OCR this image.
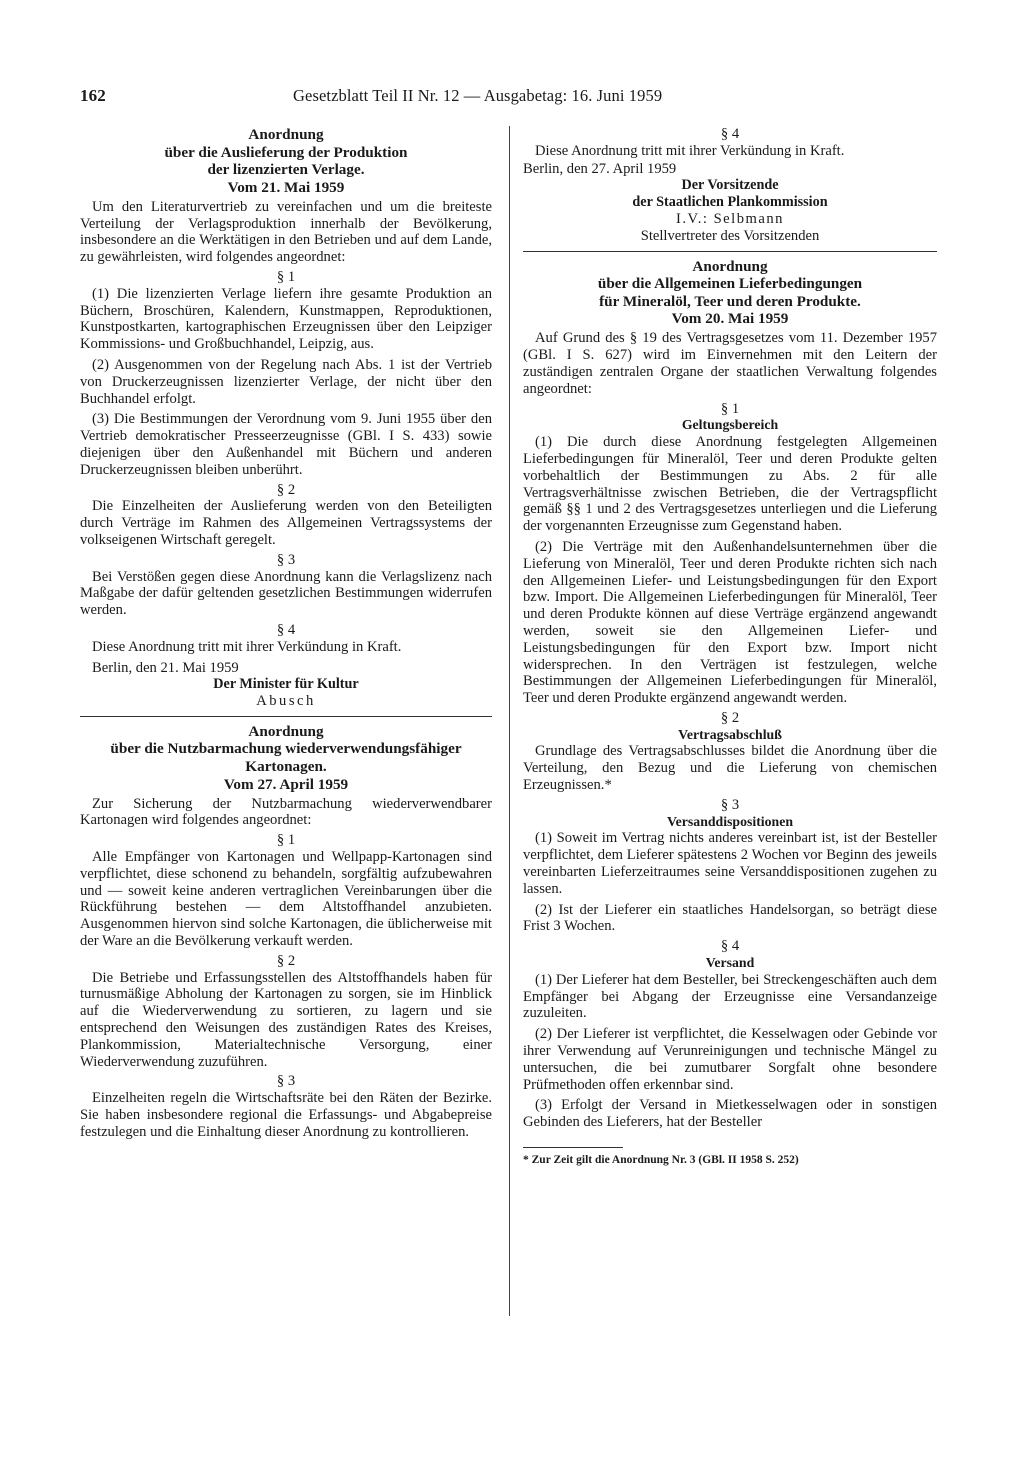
162	Gesetzblatt Teil II Nr. 12 — Ausgabetag: 16. Juni 1959
Anordnung
über die Auslieferung der Produktion
der lizenzierten Verlage.
Vom 21. Mai 1959

Um den Literaturvertrieb zu vereinfachen und um die breiteste Verteilung der Verlagsproduktion innerhalb der Bevölkerung, insbesondere an die Werktätigen in den Betrieben und auf dem Lande, zu gewährleisten, wird folgendes angeordnet:

§ 1

(1) Die lizenzierten Verlage liefern ihre gesamte Produktion an Büchern, Broschüren, Kalendern, Kunstmappen, Reproduktionen, Kunstpostkarten, kartographischen Erzeugnissen über den Leipziger Kommissions- und Großbuchhandel, Leipzig, aus.

(2) Ausgenommen von der Regelung nach Abs. 1 ist der Vertrieb von Druckerzeugnissen lizenzierter Verlage, der nicht über den Buchhandel erfolgt.

(3) Die Bestimmungen der Verordnung vom 9. Juni 1955 über den Vertrieb demokratischer Presseerzeugnisse (GBl. I S. 433) sowie diejenigen über den Außenhandel mit Büchern und anderen Druckerzeugnissen bleiben unberührt.

§ 2

Die Einzelheiten der Auslieferung werden von den Beteiligten durch Verträge im Rahmen des Allgemeinen Vertragssystems der volkseigenen Wirtschaft geregelt.

§ 3

Bei Verstößen gegen diese Anordnung kann die Verlagslizenz nach Maßgabe der dafür geltenden gesetzlichen Bestimmungen widerrufen werden.

§ 4

Diese Anordnung tritt mit ihrer Verkündung in Kraft.

Berlin, den 21. Mai 1959

Der Minister für Kultur
Abusch
Anordnung
über die Nutzbarmachung wiederverwendungsfähiger Kartonagen.
Vom 27. April 1959

Zur Sicherung der Nutzbarmachung wiederverwendbarer Kartonagen wird folgendes angeordnet:

§ 1

Alle Empfänger von Kartonagen und Wellpapp-Kartonagen sind verpflichtet, diese schonend zu behandeln, sorgfältig aufzubewahren und — soweit keine anderen vertraglichen Vereinbarungen über die Rückführung bestehen — dem Altstoffhandel anzubieten. Ausgenommen hiervon sind solche Kartonagen, die üblicherweise mit der Ware an die Bevölkerung verkauft werden.

§ 2

Die Betriebe und Erfassungsstellen des Altstoffhandels haben für turnusmäßige Abholung der Kartonagen zu sorgen, sie im Hinblick auf die Wiederverwendung zu sortieren, zu lagern und sie entsprechend den Weisungen des zuständigen Rates des Kreises, Plankommission, Materialtechnische Versorgung, einer Wiederverwendung zuzuführen.

§ 3

Einzelheiten regeln die Wirtschaftsräte bei den Räten der Bezirke. Sie haben insbesondere regional die Erfassungs- und Abgabepreise festzulegen und die Einhaltung dieser Anordnung zu kontrollieren.

§ 4

Diese Anordnung tritt mit ihrer Verkündung in Kraft.

Berlin, den 27. April 1959

Der Vorsitzende
der Staatlichen Plankommission
I.V.: Selbmann
Stellvertreter des Vorsitzenden
Anordnung
über die Allgemeinen Lieferbedingungen
für Mineralöl, Teer und deren Produkte.
Vom 20. Mai 1959

Auf Grund des § 19 des Vertragsgesetzes vom 11. Dezember 1957 (GBl. I S. 627) wird im Einvernehmen mit den Leitern der zuständigen zentralen Organe der staatlichen Verwaltung folgendes angeordnet:

§ 1
Geltungsbereich

(1) Die durch diese Anordnung festgelegten Allgemeinen Lieferbedingungen für Mineralöl, Teer und deren Produkte gelten vorbehaltlich der Bestimmungen zu Abs. 2 für alle Vertragsverhältnisse zwischen Betrieben, die der Vertragspflicht gemäß §§ 1 und 2 des Vertragsgesetzes unterliegen und die Lieferung der vorgenannten Erzeugnisse zum Gegenstand haben.

(2) Die Verträge mit den Außenhandelsunternehmen über die Lieferung von Mineralöl, Teer und deren Produkte richten sich nach den Allgemeinen Liefer- und Leistungsbedingungen für den Export bzw. Import. Die Allgemeinen Lieferbedingungen für Mineralöl, Teer und deren Produkte können auf diese Verträge ergänzend angewandt werden, soweit sie den Allgemeinen Liefer- und Leistungsbedingungen für den Export bzw. Import nicht widersprechen. In den Verträgen ist festzulegen, welche Bestimmungen der Allgemeinen Lieferbedingungen für Mineralöl, Teer und deren Produkte ergänzend angewandt werden.

§ 2
Vertragsabschluß

Grundlage des Vertragsabschlusses bildet die Anordnung über die Verteilung, den Bezug und die Lieferung von chemischen Erzeugnissen.*

§ 3
Versanddispositionen

(1) Soweit im Vertrag nichts anderes vereinbart ist, ist der Besteller verpflichtet, dem Lieferer spätestens 2 Wochen vor Beginn des jeweils vereinbarten Lieferzeitraumes seine Versanddispositionen zugehen zu lassen.

(2) Ist der Lieferer ein staatliches Handelsorgan, so beträgt diese Frist 3 Wochen.

§ 4
Versand

(1) Der Lieferer hat dem Besteller, bei Streckengeschäften auch dem Empfänger bei Abgang der Erzeugnisse eine Versandanzeige zuzuleiten.

(2) Der Lieferer ist verpflichtet, die Kesselwagen oder Gebinde vor ihrer Verwendung auf Verunreinigungen und technische Mängel zu untersuchen, die bei zumutbarer Sorgfalt ohne besondere Prüfmethoden offen erkennbar sind.

(3) Erfolgt der Versand in Mietkesselwagen oder in sonstigen Gebinden des Lieferers, hat der Besteller

* Zur Zeit gilt die Anordnung Nr. 3 (GBl. II 1958 S. 252)
